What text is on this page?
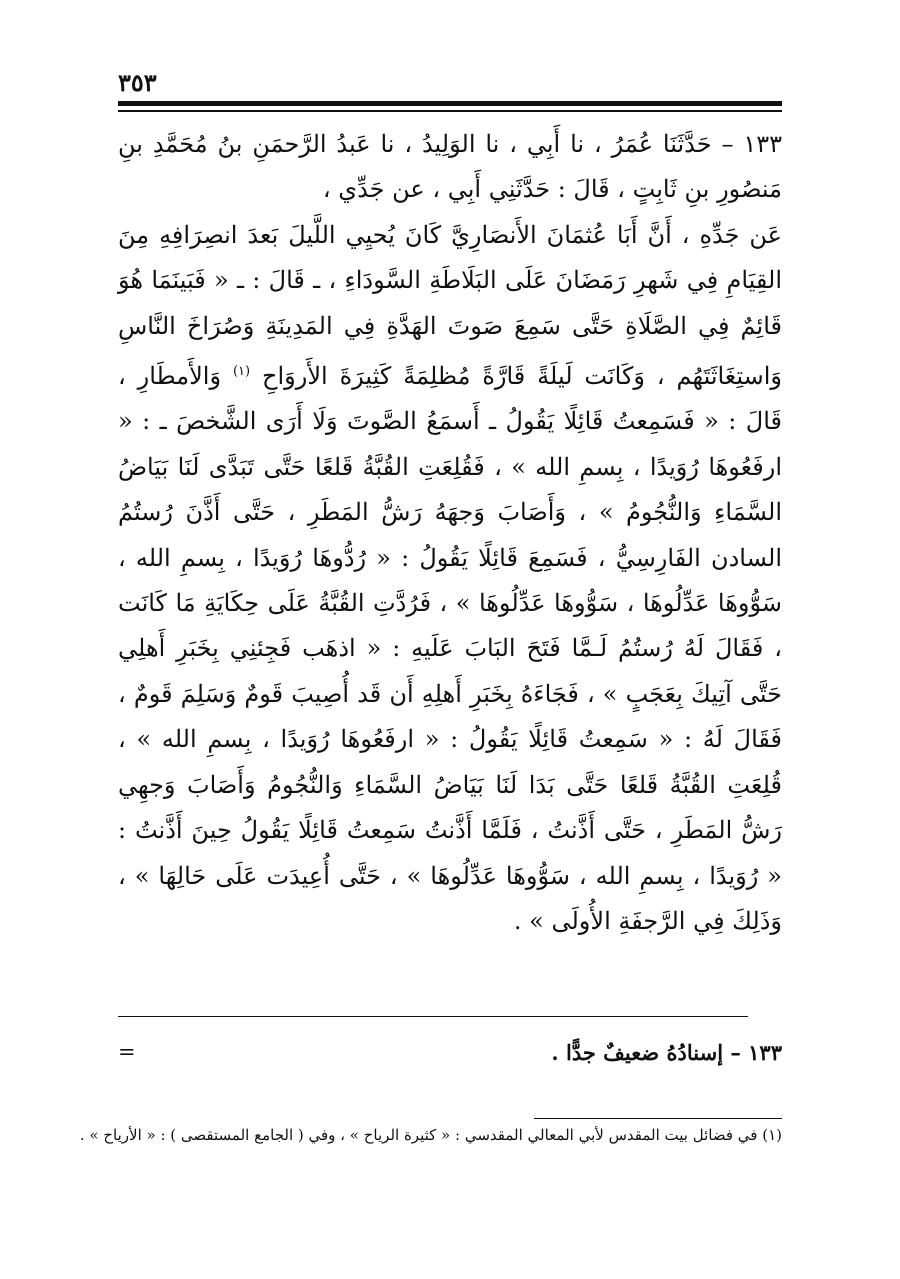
٣٥٣

١٣٣ – حَدَّثَنَا عُمَرُ ، نا أَبِي ، نا الوَلِيدُ ، نا عَبدُ الرَّحمَنِ بنُ مُحَمَّدِ بنِ مَنصُورِ بنِ ثَابِتٍ ، قَالَ : حَدَّثَنِي أَبِي ، عن جَدِّي ،

عَن جَدِّهِ ، أَنَّ أَبَا عُثمَانَ الأَنصَارِيَّ كَانَ يُحيِي اللَّيلَ بَعدَ انصِرَافِهِ مِنَ القِيَامِ فِي شَهرِ رَمَضَانَ عَلَى البَلَاطَةِ السَّودَاءِ ، ـ قَالَ : ـ « فَبَينَمَا هُوَ قَائِمٌ فِي الصَّلَاةِ حَتَّى سَمِعَ صَوتَ الهَدَّةِ فِي المَدِينَةِ وَصُرَاخَ النَّاسِ وَاستِغَاثَتَهُم ، وَكَانَت لَيلَةً قَارَّةً مُظلِمَةً كَثِيرَةَ الأَروَاحِ $^{(١)}$ وَالأَمطَارِ ، قَالَ : « فَسَمِعتُ قَائِلًا يَقُولُ ـ أَسمَعُ الصَّوتَ وَلَا أَرَى الشَّخصَ ـ : « ارفَعُوهَا رُوَيدًا ، بِسمِ الله » ، فَقُلِعَتِ القُبَّةُ قَلعًا حَتَّى تَبَدَّى لَنَا بَيَاضُ السَّمَاءِ وَالنُّجُومُ » ، وَأَصَابَ وَجهَهُ رَشُّ المَطَرِ ، حَتَّى أَذَّنَ رُستُمُ السادن الفَارِسِيُّ ، فَسَمِعَ قَائِلًا يَقُولُ : « رُدُّوهَا رُوَيدًا ، بِسمِ الله ، سَوُّوهَا عَدِّلُوهَا ، سَوُّوهَا عَدِّلُوهَا » ، فَرُدَّتِ القُبَّةُ عَلَى حِكَايَةِ مَا كَانَت ، فَقَالَ لَهُ رُستُمُ لَـمَّا فَتَحَ البَابَ عَلَيهِ : « اذهَب فَجِئنِي بِخَبَرِ أَهلِي حَتَّى آتِيكَ بِعَجَبٍ » ، فَجَاءَهُ بِخَبَرِ أَهلِهِ أَن قَد أُصِيبَ قَومٌ وَسَلِمَ قَومٌ ، فَقَالَ لَهُ : « سَمِعتُ قَائِلًا يَقُولُ : « ارفَعُوهَا رُوَيدًا ، بِسمِ الله » ، قُلِعَتِ القُبَّةُ قَلعًا حَتَّى بَدَا لَنَا بَيَاضُ السَّمَاءِ وَالنُّجُومُ وَأَصَابَ وَجهِي رَشُّ المَطَرِ ، حَتَّى أَذَّنتُ ، فَلَمَّا أَذَّنتُ سَمِعتُ قَائِلًا يَقُولُ حِينَ أَذَّنتُ : « رُوَيدًا ، بِسمِ الله ، سَوُّوهَا عَدِّلُوهَا » ، حَتَّى أُعِيدَت عَلَى حَالِهَا » ، وَذَلِكَ فِي الرَّجفَةِ الأُولَى » .

١٣٣ – إسنادُهُ ضعيفٌ جدًّا .
=
(١) في فضائل بيت المقدس لأبي المعالي المقدسي : « كثيرة الرياح » ، وفي ( الجامع المستقصى ) : « الأرياح » .
